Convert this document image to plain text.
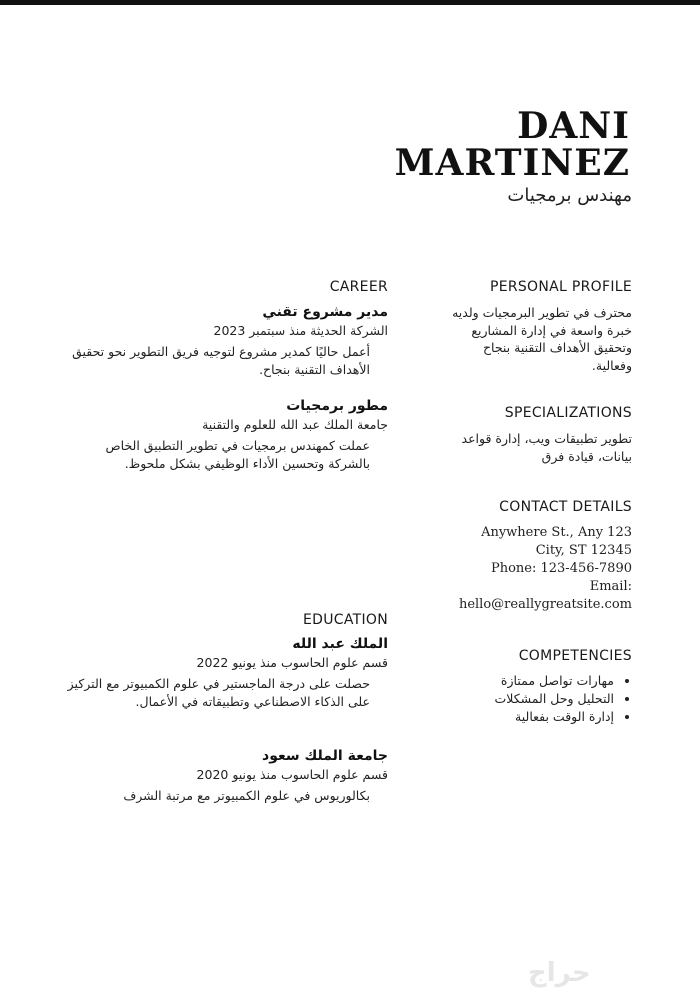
DANI
MARTINEZ
مهندس برمجيات
PERSONAL PROFILE
محترف في تطوير البرمجيات ولديه
خبرة واسعة في إدارة المشاريع
وتحقيق الأهداف التقنية بنجاح
وفعالية.
SPECIALIZATIONS
تطوير تطبيقات ويب، إدارة قواعد
بيانات، قيادة فرق
CONTACT DETAILS
Anywhere St., Any 123
City, ST 12345
Phone: 123-456-7890
Email:
hello@reallygreatsite.com
COMPETENCIES
• مهارات تواصل ممتازة
• التحليل وحل المشكلات
• إدارة الوقت بفعالية
CAREER
مدير مشروع تقني
الشركة الحديثة منذ سبتمبر 2023
أعمل حاليًا كمدير مشروع لتوجيه فريق التطوير نحو تحقيق
الأهداف التقنية بنجاح.
مطور برمجيات
جامعة الملك عبد الله للعلوم والتقنية
عملت كمهندس برمجيات في تطوير التطبيق الخاص
بالشركة وتحسين الأداء الوظيفي بشكل ملحوظ.
EDUCATION
الملك عبد الله
قسم علوم الحاسوب منذ يونيو 2022
حصلت على درجة الماجستير في علوم الكمبيوتر مع التركيز
على الذكاء الاصطناعي وتطبيقاته في الأعمال.
جامعة الملك سعود
قسم علوم الحاسوب منذ يونيو 2020
بكالوريوس في علوم الكمبيوتر مع مرتبة الشرف
حراج
